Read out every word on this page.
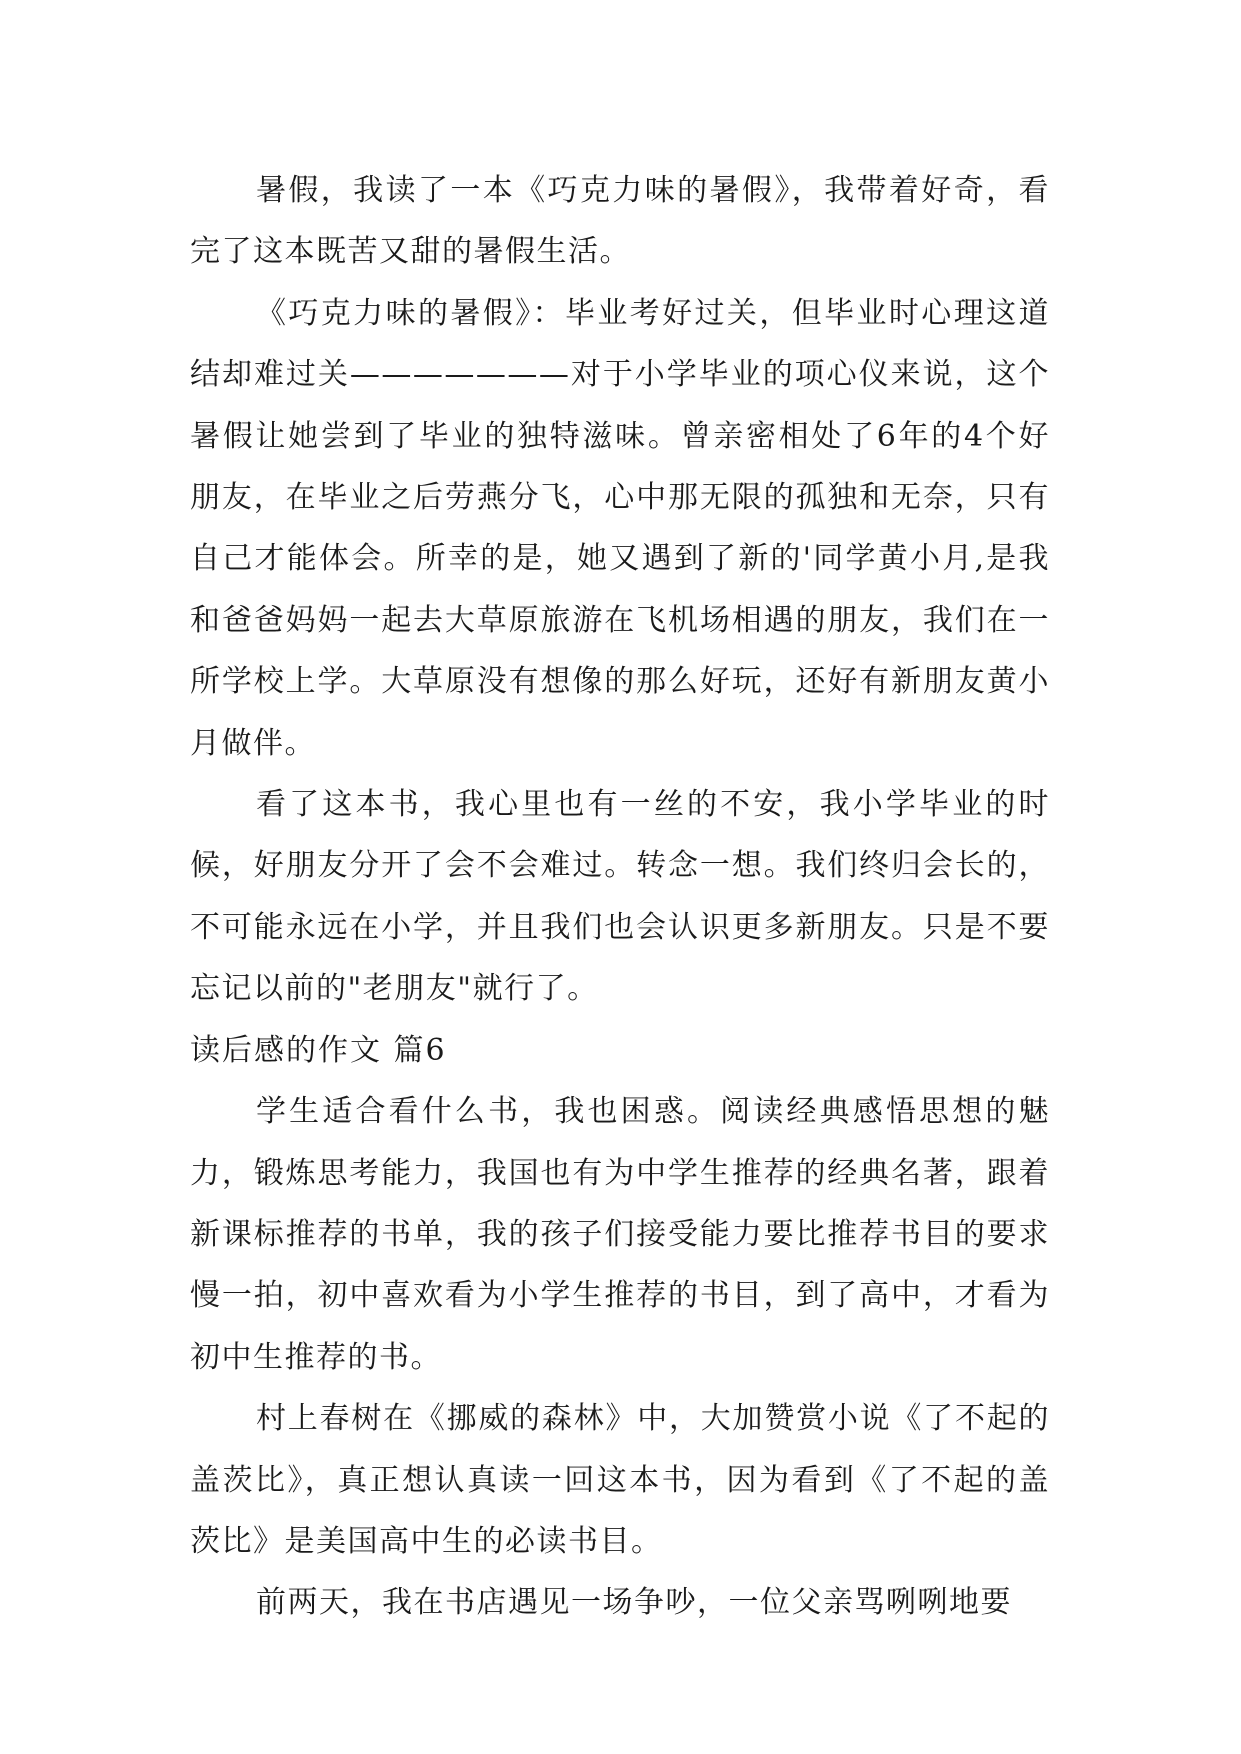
暑假，我读了一本《巧克力味的暑假》，我带着好奇，看完了这本既苦又甜的暑假生活。

《巧克力味的暑假》：毕业考好过关，但毕业时心理这道结却难过关———————对于小学毕业的项心仪来说，这个暑假让她尝到了毕业的独特滋味。曾亲密相处了6年的4个好朋友，在毕业之后劳燕分飞，心中那无限的孤独和无奈，只有自己才能体会。所幸的是，她又遇到了新的'同学黄小月,是我和爸爸妈妈一起去大草原旅游在飞机场相遇的朋友，我们在一所学校上学。大草原没有想像的那么好玩，还好有新朋友黄小月做伴。

看了这本书，我心里也有一丝的不安，我小学毕业的时候，好朋友分开了会不会难过。转念一想。我们终归会长的，不可能永远在小学，并且我们也会认识更多新朋友。只是不要忘记以前的"老朋友"就行了。

读后感的作文 篇6

学生适合看什么书，我也困惑。阅读经典感悟思想的魅力，锻炼思考能力，我国也有为中学生推荐的经典名著，跟着新课标推荐的书单，我的孩子们接受能力要比推荐书目的要求慢一拍，初中喜欢看为小学生推荐的书目，到了高中，才看为初中生推荐的书。

村上春树在《挪威的森林》中，大加赞赏小说《了不起的盖茨比》，真正想认真读一回这本书，因为看到《了不起的盖茨比》是美国高中生的必读书目。

前两天，我在书店遇见一场争吵，一位父亲骂咧咧地要
